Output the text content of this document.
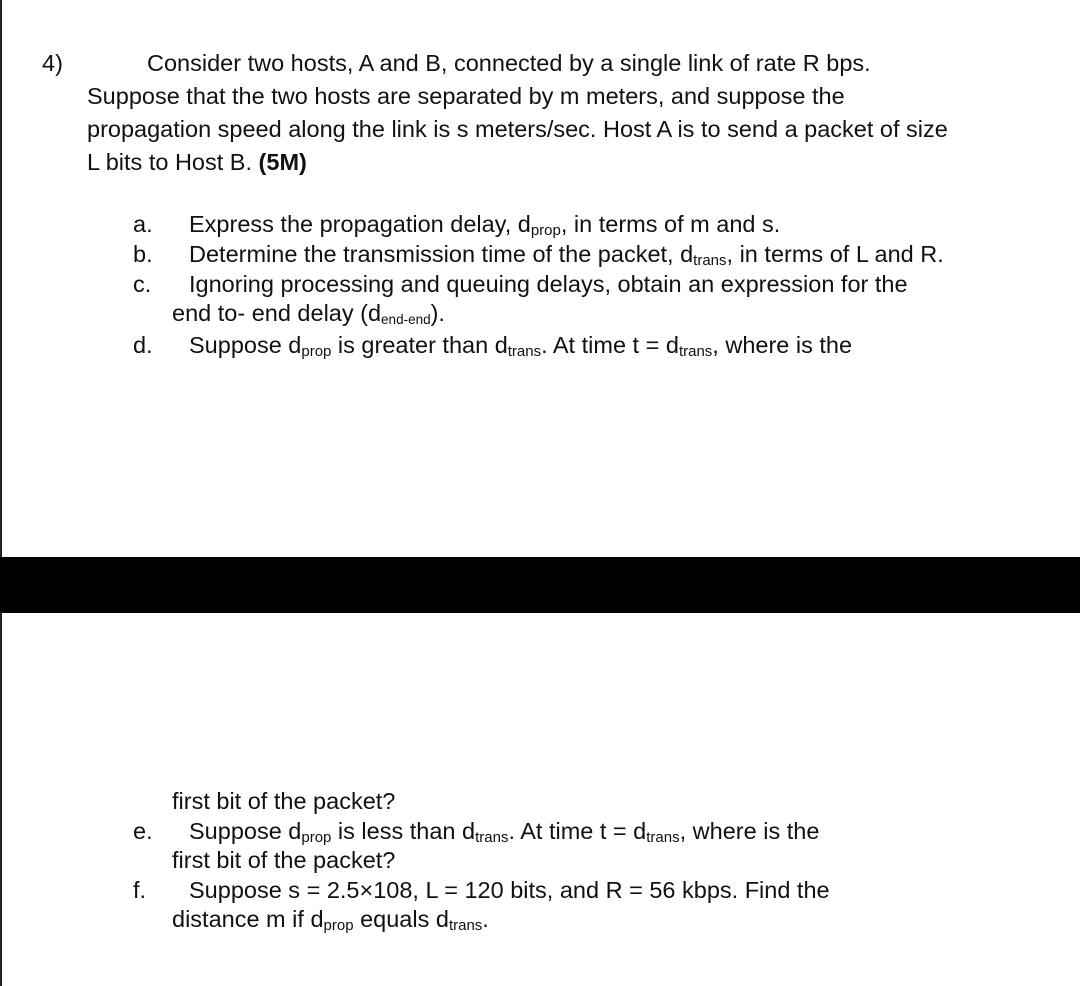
4)	Consider two hosts, A and B, connected by a single link of rate R bps.
Suppose that the two hosts are separated by m meters, and suppose the
propagation speed along the link is s meters/sec. Host A is to send a packet of size
L bits to Host B. (5M)
a. Express the propagation delay, $d_{prop}$, in terms of m and s.
b. Determine the transmission time of the packet, $d_{trans}$, in terms of L and R.
c. Ignoring processing and queuing delays, obtain an expression for the
end to- end delay $(d_{end-end})$.
d. Suppose $d_{prop}$ is greater than $d_{trans}$. At time $t = d_{trans}$, where is the
first bit of the packet?
e. Suppose $d_{prop}$ is less than $d_{trans}$. At time $t = d_{trans}$, where is the
first bit of the packet?
f. Suppose s = 2.5×108, L = 120 bits, and R = 56 kbps. Find the
distance m if $d_{prop}$ equals $d_{trans}$.
